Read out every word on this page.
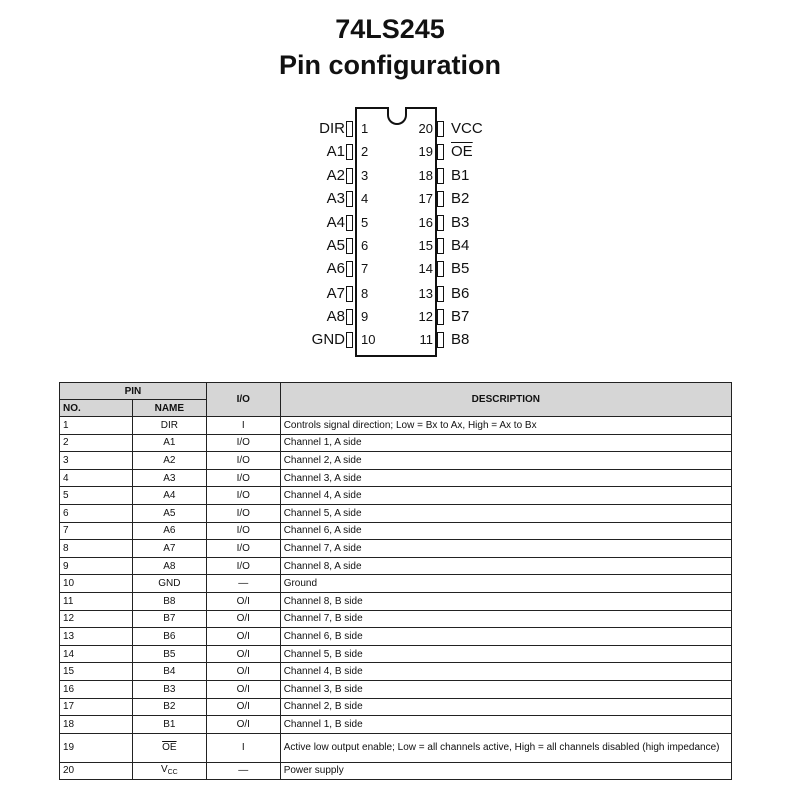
74LS245
Pin configuration
DIR 1
A1 2
A2 3
A3 4
A4 5
A5 6
A6 7
A7 8
A8 9
GND 10
20 VCC
19 $\overline{OE}$
18 B1
17 B2
16 B3
15 B4
14 B5
13 B6
12 B7
11 B8
PIN		I/O	DESCRIPTION
NO.	NAME		
1	DIR	I	Controls signal direction; Low = Bx to Ax, High = Ax to Bx
2	A1	I/O	Channel 1, A side
3	A2	I/O	Channel 2, A side
4	A3	I/O	Channel 3, A side
5	A4	I/O	Channel 4, A side
6	A5	I/O	Channel 5, A side
7	A6	I/O	Channel 6, A side
8	A7	I/O	Channel 7, A side
9	A8	I/O	Channel 8, A side
10	GND	—	Ground
11	B8	O/I	Channel 8, B side
12	B7	O/I	Channel 7, B side
13	B6	O/I	Channel 6, B side
14	B5	O/I	Channel 5, B side
15	B4	O/I	Channel 4, B side
16	B3	O/I	Channel 3, B side
17	B2	O/I	Channel 2, B side
18	B1	O/I	Channel 1, B side
19	$\overline{OE}$	I	Active low output enable; Low = all channels active, High = all channels disabled (high impedance)
20	$V_{CC}$	—	Power supply
